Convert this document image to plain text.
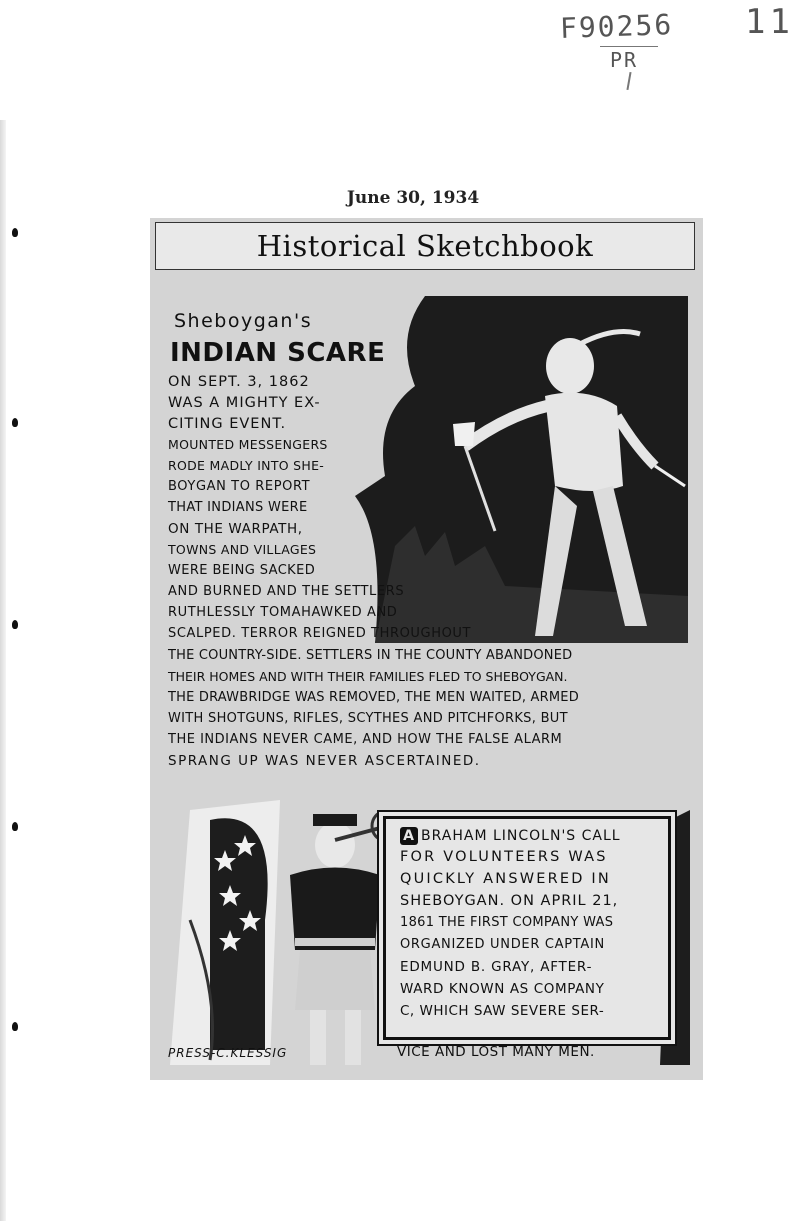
F90256
PR
11
June 30, 1934
Historical Sketchbook
Sheboygan's
INDIAN SCARE
ON SEPT. 3, 1862
WAS A MIGHTY EX-
CITING EVENT.
MOUNTED MESSENGERS
RODE MADLY INTO SHE-
BOYGAN TO REPORT
THAT INDIANS WERE
ON THE WARPATH,
TOWNS AND VILLAGES
WERE BEING SACKED
AND BURNED AND THE SETTLERS
RUTHLESSLY TOMAHAWKED AND
SCALPED. TERROR REIGNED THROUGHOUT
THE COUNTRY-SIDE. SETTLERS IN THE COUNTY ABANDONED
THEIR HOMES AND WITH THEIR FAMILIES FLED TO SHEBOYGAN.
THE DRAWBRIDGE WAS REMOVED, THE MEN WAITED, ARMED
WITH SHOTGUNS, RIFLES, SCYTHES AND PITCHFORKS, BUT
THE INDIANS NEVER CAME, AND HOW THE FALSE ALARM
SPRANG UP WAS NEVER ASCERTAINED.
A BRAHAM LINCOLN'S CALL
FOR VOLUNTEERS WAS
QUICKLY ANSWERED IN
SHEBOYGAN. ON APRIL 21,
1861 THE FIRST COMPANY WAS
ORGANIZED UNDER CAPTAIN
EDMUND B. GRAY, AFTER-
WARD KNOWN AS COMPANY
C, WHICH SAW SEVERE SER-
VICE AND LOST MANY MEN.
PRESS-C.KLESSIG
